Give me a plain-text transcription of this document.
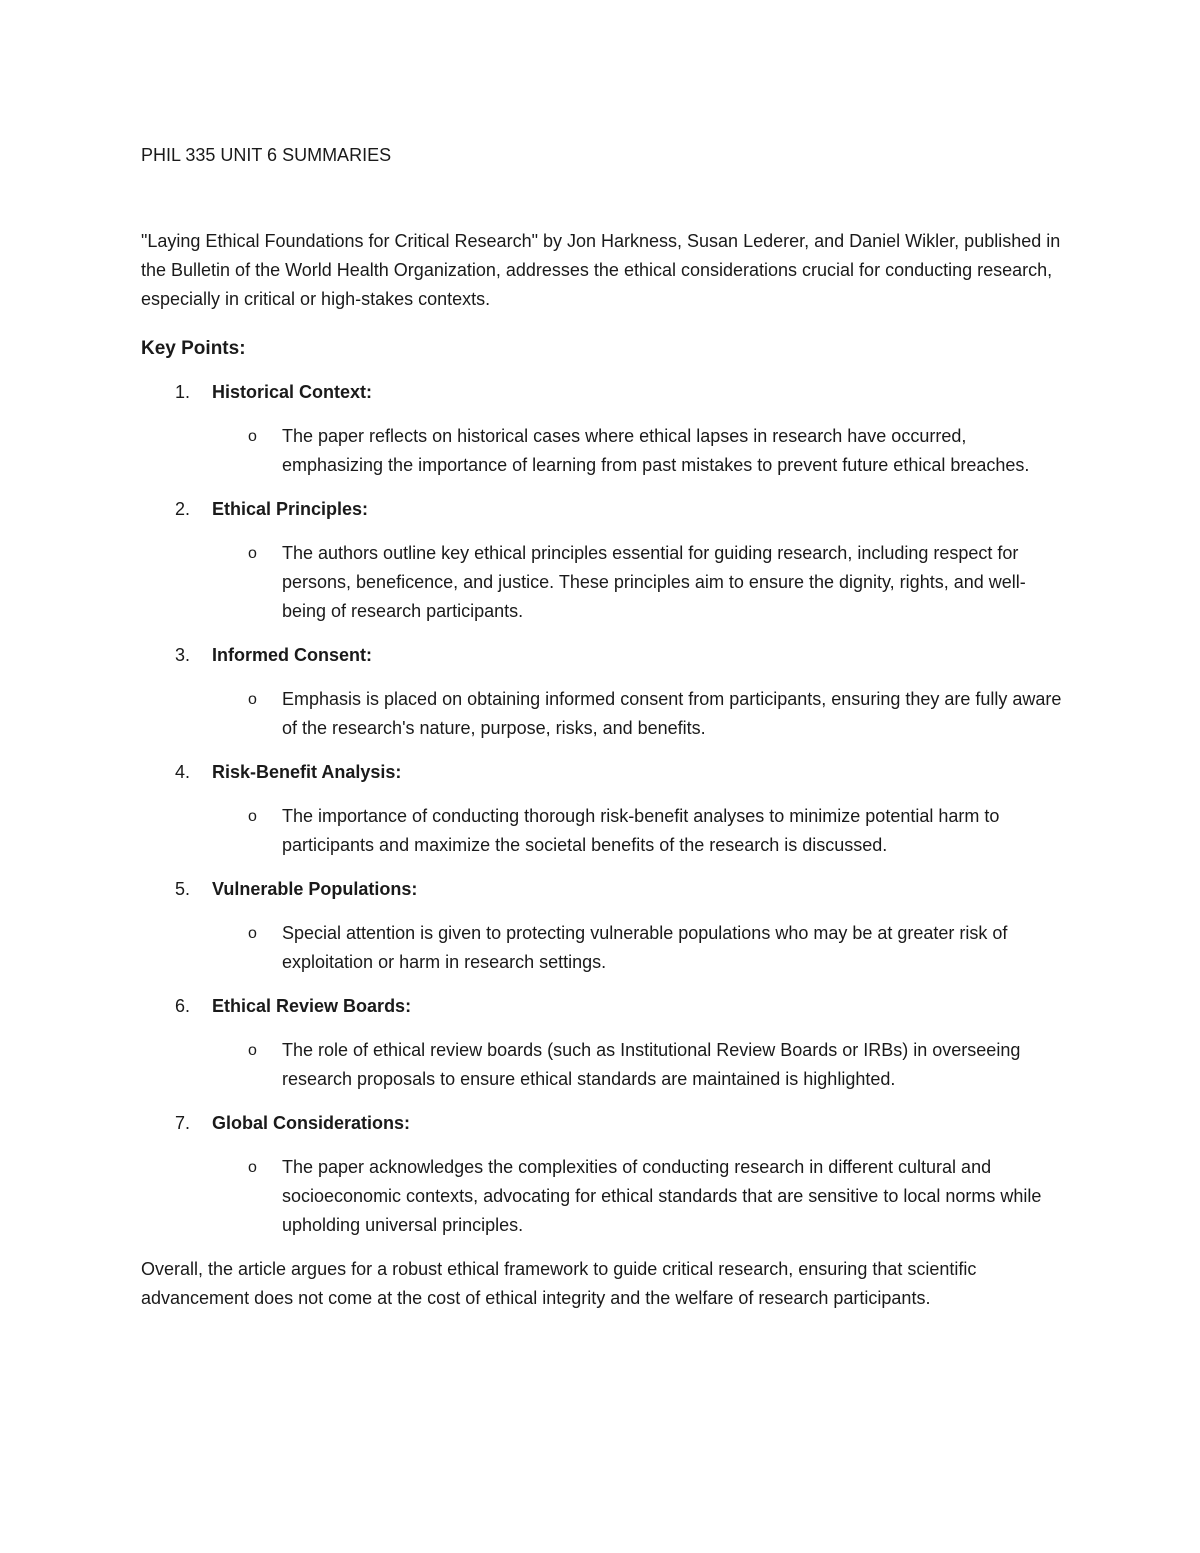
PHIL 335 UNIT 6 SUMMARIES

"Laying Ethical Foundations for Critical Research" by Jon Harkness, Susan Lederer, and Daniel Wikler, published in the Bulletin of the World Health Organization, addresses the ethical considerations crucial for conducting research, especially in critical or high-stakes contexts.

Key Points:
1.	Historical Context:
o	The paper reflects on historical cases where ethical lapses in research have occurred, emphasizing the importance of learning from past mistakes to prevent future ethical breaches.
2.	Ethical Principles:
o	The authors outline key ethical principles essential for guiding research, including respect for persons, beneficence, and justice. These principles aim to ensure the dignity, rights, and well-being of research participants.
3.	Informed Consent:
o	Emphasis is placed on obtaining informed consent from participants, ensuring they are fully aware of the research's nature, purpose, risks, and benefits.
4.	Risk-Benefit Analysis:
o	The importance of conducting thorough risk-benefit analyses to minimize potential harm to participants and maximize the societal benefits of the research is discussed.
5.	Vulnerable Populations:
o	Special attention is given to protecting vulnerable populations who may be at greater risk of exploitation or harm in research settings.
6.	Ethical Review Boards:
o	The role of ethical review boards (such as Institutional Review Boards or IRBs) in overseeing research proposals to ensure ethical standards are maintained is highlighted.
7.	Global Considerations:
o	The paper acknowledges the complexities of conducting research in different cultural and socioeconomic contexts, advocating for ethical standards that are sensitive to local norms while upholding universal principles.

Overall, the article argues for a robust ethical framework to guide critical research, ensuring that scientific advancement does not come at the cost of ethical integrity and the welfare of research participants.
